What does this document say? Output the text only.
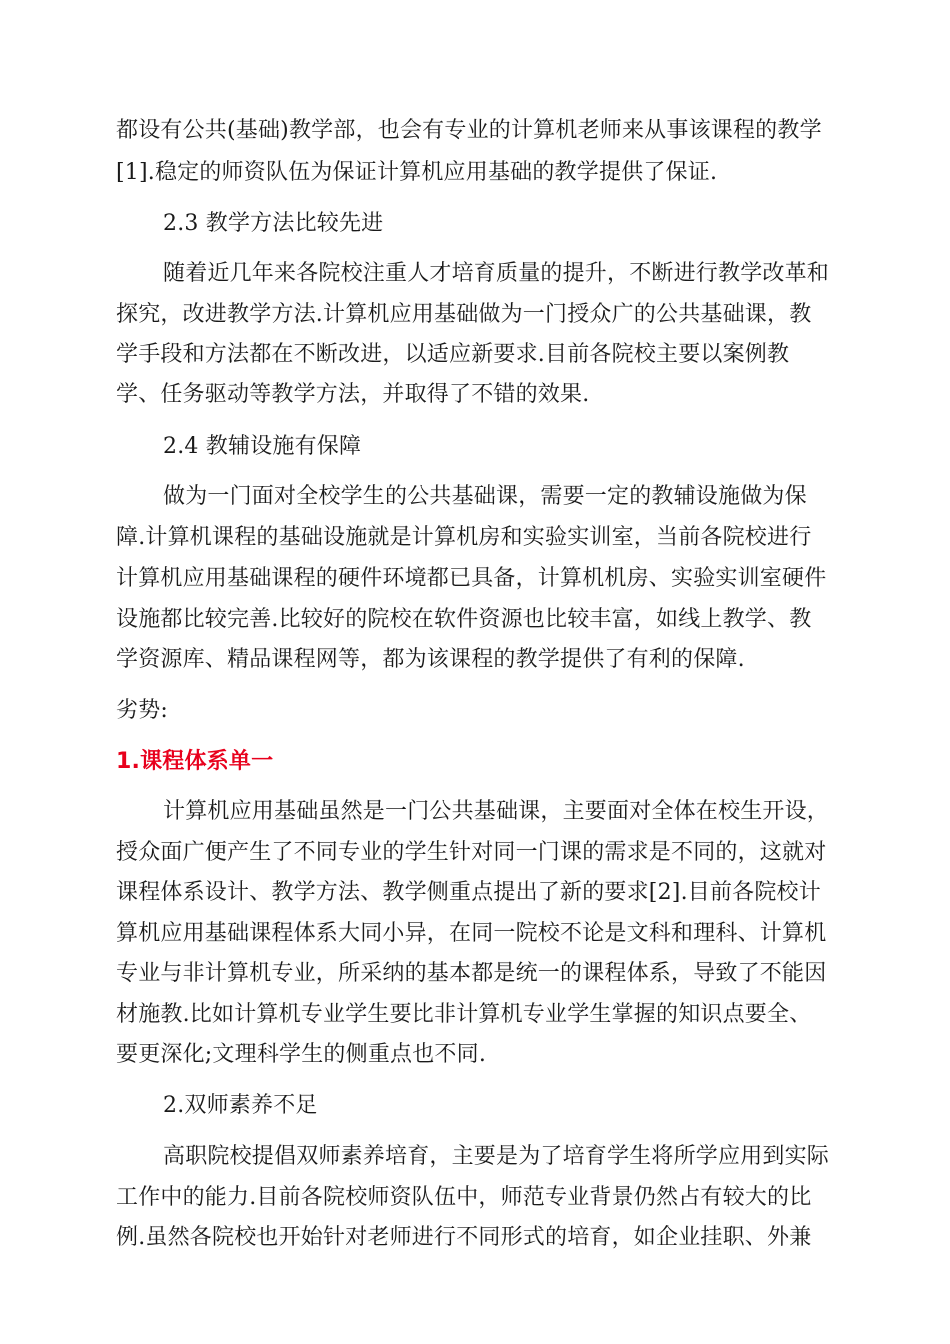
都设有公共(基础)教学部，也会有专业的计算机老师来从事该课程的教学
[1].稳定的师资队伍为保证计算机应用基础的教学提供了保证.
2.3 教学方法比较先进
随着近几年来各院校注重人才培育质量的提升，不断进行教学改革和
探究，改进教学方法.计算机应用基础做为一门授众广的公共基础课，教
学手段和方法都在不断改进，以适应新要求.目前各院校主要以案例教
学、任务驱动等教学方法，并取得了不错的效果.
2.4 教辅设施有保障
做为一门面对全校学生的公共基础课，需要一定的教辅设施做为保
障.计算机课程的基础设施就是计算机房和实验实训室，当前各院校进行
计算机应用基础课程的硬件环境都已具备，计算机机房、实验实训室硬件
设施都比较完善.比较好的院校在软件资源也比较丰富，如线上教学、教
学资源库、精品课程网等，都为该课程的教学提供了有利的保障.
劣势:
1.课程体系单一
计算机应用基础虽然是一门公共基础课，主要面对全体在校生开设，
授众面广便产生了不同专业的学生针对同一门课的需求是不同的，这就对
课程体系设计、教学方法、教学侧重点提出了新的要求[2].目前各院校计
算机应用基础课程体系大同小异，在同一院校不论是文科和理科、计算机
专业与非计算机专业，所采纳的基本都是统一的课程体系，导致了不能因
材施教.比如计算机专业学生要比非计算机专业学生掌握的知识点要全、
要更深化;文理科学生的侧重点也不同.
2.双师素养不足
高职院校提倡双师素养培育，主要是为了培育学生将所学应用到实际
工作中的能力.目前各院校师资队伍中，师范专业背景仍然占有较大的比
例.虽然各院校也开始针对老师进行不同形式的培育，如企业挂职、外兼
